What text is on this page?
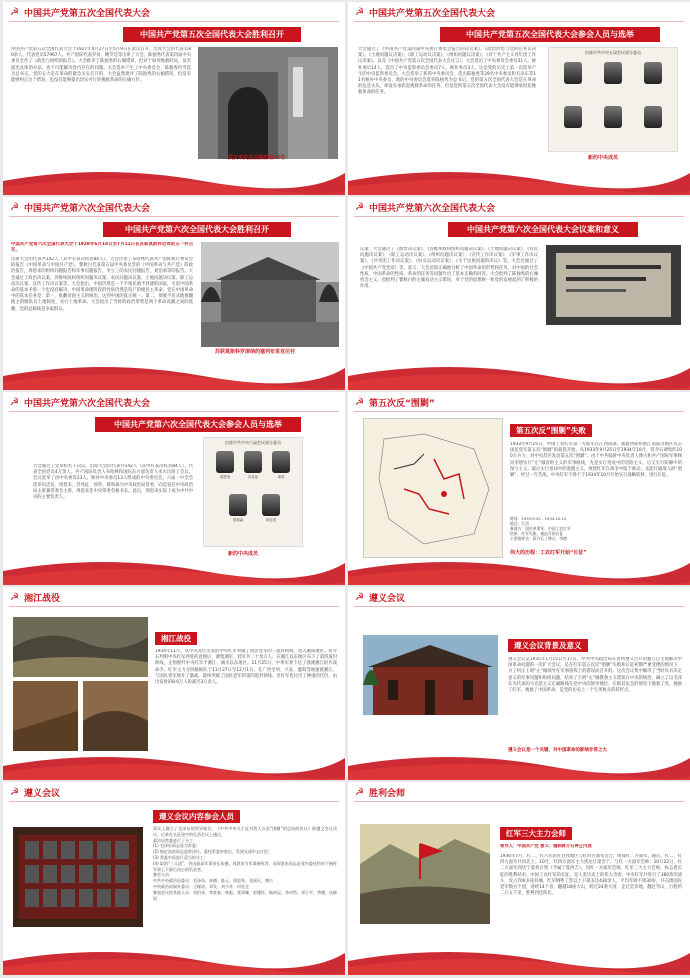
☭ 中国共产党第五次全国代表大会
中国共产党第五次全国代表大会胜利召开
中国共产党第五次全国代表大会于1927年4月27日至5月9日在武汉召开。出席大会的代表有80余人，代表党员57967人。共产国际代表罗易、鲍罗廷等出席了大会。陈独秀代表第四届中央委员会作了《政治与组织的报告》。大会批评了陈独秀的右倾错误，但对于如何挽救时局，没有提出具体的办法，也不可能解决党内存在的问题。大会选举产生了中央委员会，陈独秀仍当选为总书记。党的五大是在革命的紧急关头召开的，大会虽然批评了陈独秀的右倾错误，但没有能够纠正这个错误，也没有能够提出切实可行的挽救革命的正确方针。
武汉市武昌区都府堤20号
☭ 中国共产党第五次全国代表大会
中国共产党第五次全国代表大会参会人员与选举
大会通过了《中国共产党第四届中央执行委员会报告的决议案》、《政治形势与党的任务议决案》、《土地问题议决案》、《职工运动议决案》、《组织问题议决案》、《对于共产主义青年团工作议决案》，以及《中国共产党第五次全国代表大会宣言》，大会选出了中央委员会委员31人，候补委员14人，选出了中央监察委员会委员7人，候补委员3人，这是党的历史上第一次选举产生的中央监察委员会。大会选举了新的中央委员会，选出陈独秀等29名中央委员和毛泽东等11名候补中央委员，新的中央委员会选举陈独秀为总书记。党的第五次全国代表大会是在革命的危急关头，却没有承担起挽救革命的任务，但是党的第五次全国代表大会没有能够承担起挽救革命的任务。
出席中共中央五届会议部分委员
新的中央成员
☭ 中国共产党第六次全国代表大会
中国共产党第六次全国代表大会胜利召开
中国共产党第六次全国代表大会于1928年6月18日至7月11日在苏联莫斯科近郊的五一村召开。
出席大会的代表共142人（其中有表决权者84人）。大会讨论了布哈林代表共产国际执行委员会的报告《中国革命与中国共产党》，瞿秋白代表第五届中央委员会的《中国革命与共产党》的政治报告，周恩来的组织问题报告和军事问题报告，李立三的农民问题报告，刘伯承等的报告。大会通过了政治决议案、苏维埃政权组织问题决议案、农民问题决议案、土地问题决议案、职工运动决议案、宣传工作决议案等。大会指出，中国仍然是一个半殖民地半封建的国家，引起中国革命的基本矛盾一个也没有解决，中国革命现阶段的性质仍然是资产阶级民主革命。党在中国革命中的基本任务是：第一，推翻帝国主义的统治，达到中国的真正统一；第二，彻底平民式地推翻地主阶级私有土地制度，实行土地革命。大会指出了当时的政治形势是两个革命高潮之间的低潮，党的总路线是争取群众。
苏联莫斯科罗津纳的塞列布里亚尼村
☭ 中国共产党第六次全国代表大会
中国共产党第六次全国代表大会议案和意义
议案：大会通过了《政治决议案》、《苏维埃政权组织问题决议案》、《土地问题决议案》、《农民问题决议案》、《职工运动决议案》、《组织问题决议案》、《宣传工作决议案》、《军事工作决议案》、《共青团工作决议案》、《妇女运动决议案》、《关于民族问题的决议》等。大会还通过了《中国共产党党章》等。意义：大会比较正确地分析了中国革命的形势和任务，对中国的社会性质、中国革命的性质、革命的任务等问题作出了基本正确的回答。大会批判了陈独秀的右倾机会主义，也批判了瞿秋白的左倾盲动主义错误，对于党的思想统一和党的发展起到了积极的作用。
☭ 中国共产党第六次全国代表大会
中国共产党第六次全国代表大会参会人员与选举
大会通过了党章和若干决议。出席大会的代表共142人（其中有表决权者84人），代表全国党员4万余人。共产国际负责人布哈林和国际东方部负责人米夫出席了会议。会议选举了由中央委员23人、候补中央委员13人组成的中央委员会。六届一中全会选举向忠发、周恩来、苏兆征、项英、蔡和森为中央政治局常委，向忠发任中央政治局主席兼常委会主席，周恩来任中央常委会秘书长。此后，周恩来实际上成为中共中央的主要负责人。
出席中共中央六届会议部分委员
周恩来	苏兆征	项英
蔡和森	向忠发
新的中央成员
☭ 第五次反“围剿”
第五次反“围剿”失败
1933年9月25日，中国工农红军第一方面军在江西南部、福建西部和浙江南部等地区反击国民党军第五次“围剿”的战役开始。从1933年9月25日至1934年10月，蒋介石调集约100万兵力，对中央苏区发动第五次“围剿”。由于中共临时中央负责人博古和共产国际军事顾问李德实行“左”倾冒险主义的军事路线，先是实行进攻中的冒险主义，后又实行防御中的保守主义，最后实行退却中的逃跑主义，致使红军在战争中陷于被动，未能打破敌人的“围剿”，经过一年苦战，中央红军不得不于1934年10月开始实行战略转移，进行长征。
时间：1933.9.25 - 1934.10.10
地点：江西
参战方：国民革命军、中国工农红军
结果：红军失败，被迫开始长征
主要指挥官：蒋介石 / 博古、李德
伟大的历程：工农红军开始“长征”
☭ 湘江战役
湘江战役
1934年11月，从中央苏区出发的中央红军突破了国民党军的三道封锁线，进入湘南地区。蒋介石判明中央红军西进的意图后，调集湘军、桂军共二十余万人，在湘江以东地区布下了第四道封锁线，企图围歼中央红军于湘江、漓水以东地区。11月25日，中革军委下达了强渡湘江的作战命令。红军主力分四路纵队于11月27日至12月1日，在广西全州、兴安、灌阳等地强渡湘江，与国民党军展开了激战，最终突破了国民党军的第四道封锁线。但红军也付出了惨重的代价，由出发时的8.6万人锐减至3万余人。
☭ 遵义会议
遵义会议背景及意义
遵义会议是1935年1月15日至17日，中共中央政治局在贵州遵义召开的独立自主地解决中国革命问题的一次扩大会议，是在红军第五次反“围剿”失败和长征初期严重受挫的情况下，为了纠正王明“左”倾领导在军事指挥上的错误而召开的。这次会议集中解决了当时具有决定意义的军事问题和组织问题，结束了王明“左”倾教条主义错误在中央的统治，确立了以毛泽东为代表的马克思主义正确路线在党中央的领导地位，在极其危急的情况下挽救了党，挽救了红军，挽救了中国革命，是党的历史上一个生死攸关的转折点。
遵义会议是一个关键，对中国革命的影响非常之大
☭ 遵义会议
遵义会议内容参会人员
事实上确立了毛泽东的领导地位。《中共中央关于反对敌人五次“围剿”的总结的决议》即遵义会议决议，后来在长征途中的扎西会议上通过。
政治局常委进行了分工：
(1) 毛泽东同志选为常委；
(2) 指定洛甫同志起草决议，委托常委审查后，发到支部中去讨论；
(3) 常委中再进行适当的分工；
(4) 取消“三人团”，仍由最高军事首长朱德、周恩来为军事指挥者，而周恩来同志是党内委托的对于指挥军事上下最后决心的负责者。
参会人员：
中共中央政治局委员：毛泽东、朱德、陈云、周恩来、张闻天、博古
中央政治局候补委员：王稼祥、邓发、刘少奇、何克全
参加会议的其他人员：刘伯承、李富春、林彪、聂荣臻、彭德怀、杨尚昆、李卓然、邓小平、李德、伍修权
☭ 胜利会师
红军三大主力会师
领导人：中国共产党 意义：遏制蒋介石停止内战
1936年7月，红二、红六军团在甘孜地区与红四方面军会合，组成红二方面军。随后，红二、红四方面军共同北上。10月，红四方面军主力到达甘肃会宁，与红一方面军会师；10月22日，红二方面军到达宁夏将台堡（今属宁夏西吉），同红一方面军会师。红军三大主力会师，标志着长征的胜利结束。中国工农红军的长征，是人类历史上的伟大奇迹，中央红军共进行了380余次战斗，攻占700多座县城，红军牺牲了营以上干部多达430余人，平均年龄不到30岁，共击溃国民党军数百个团，途经14个省，翻越18座大山，跨过24条大河，走过荒草地，翻过雪山，行程约二万五千里，胜利到达陕北。
